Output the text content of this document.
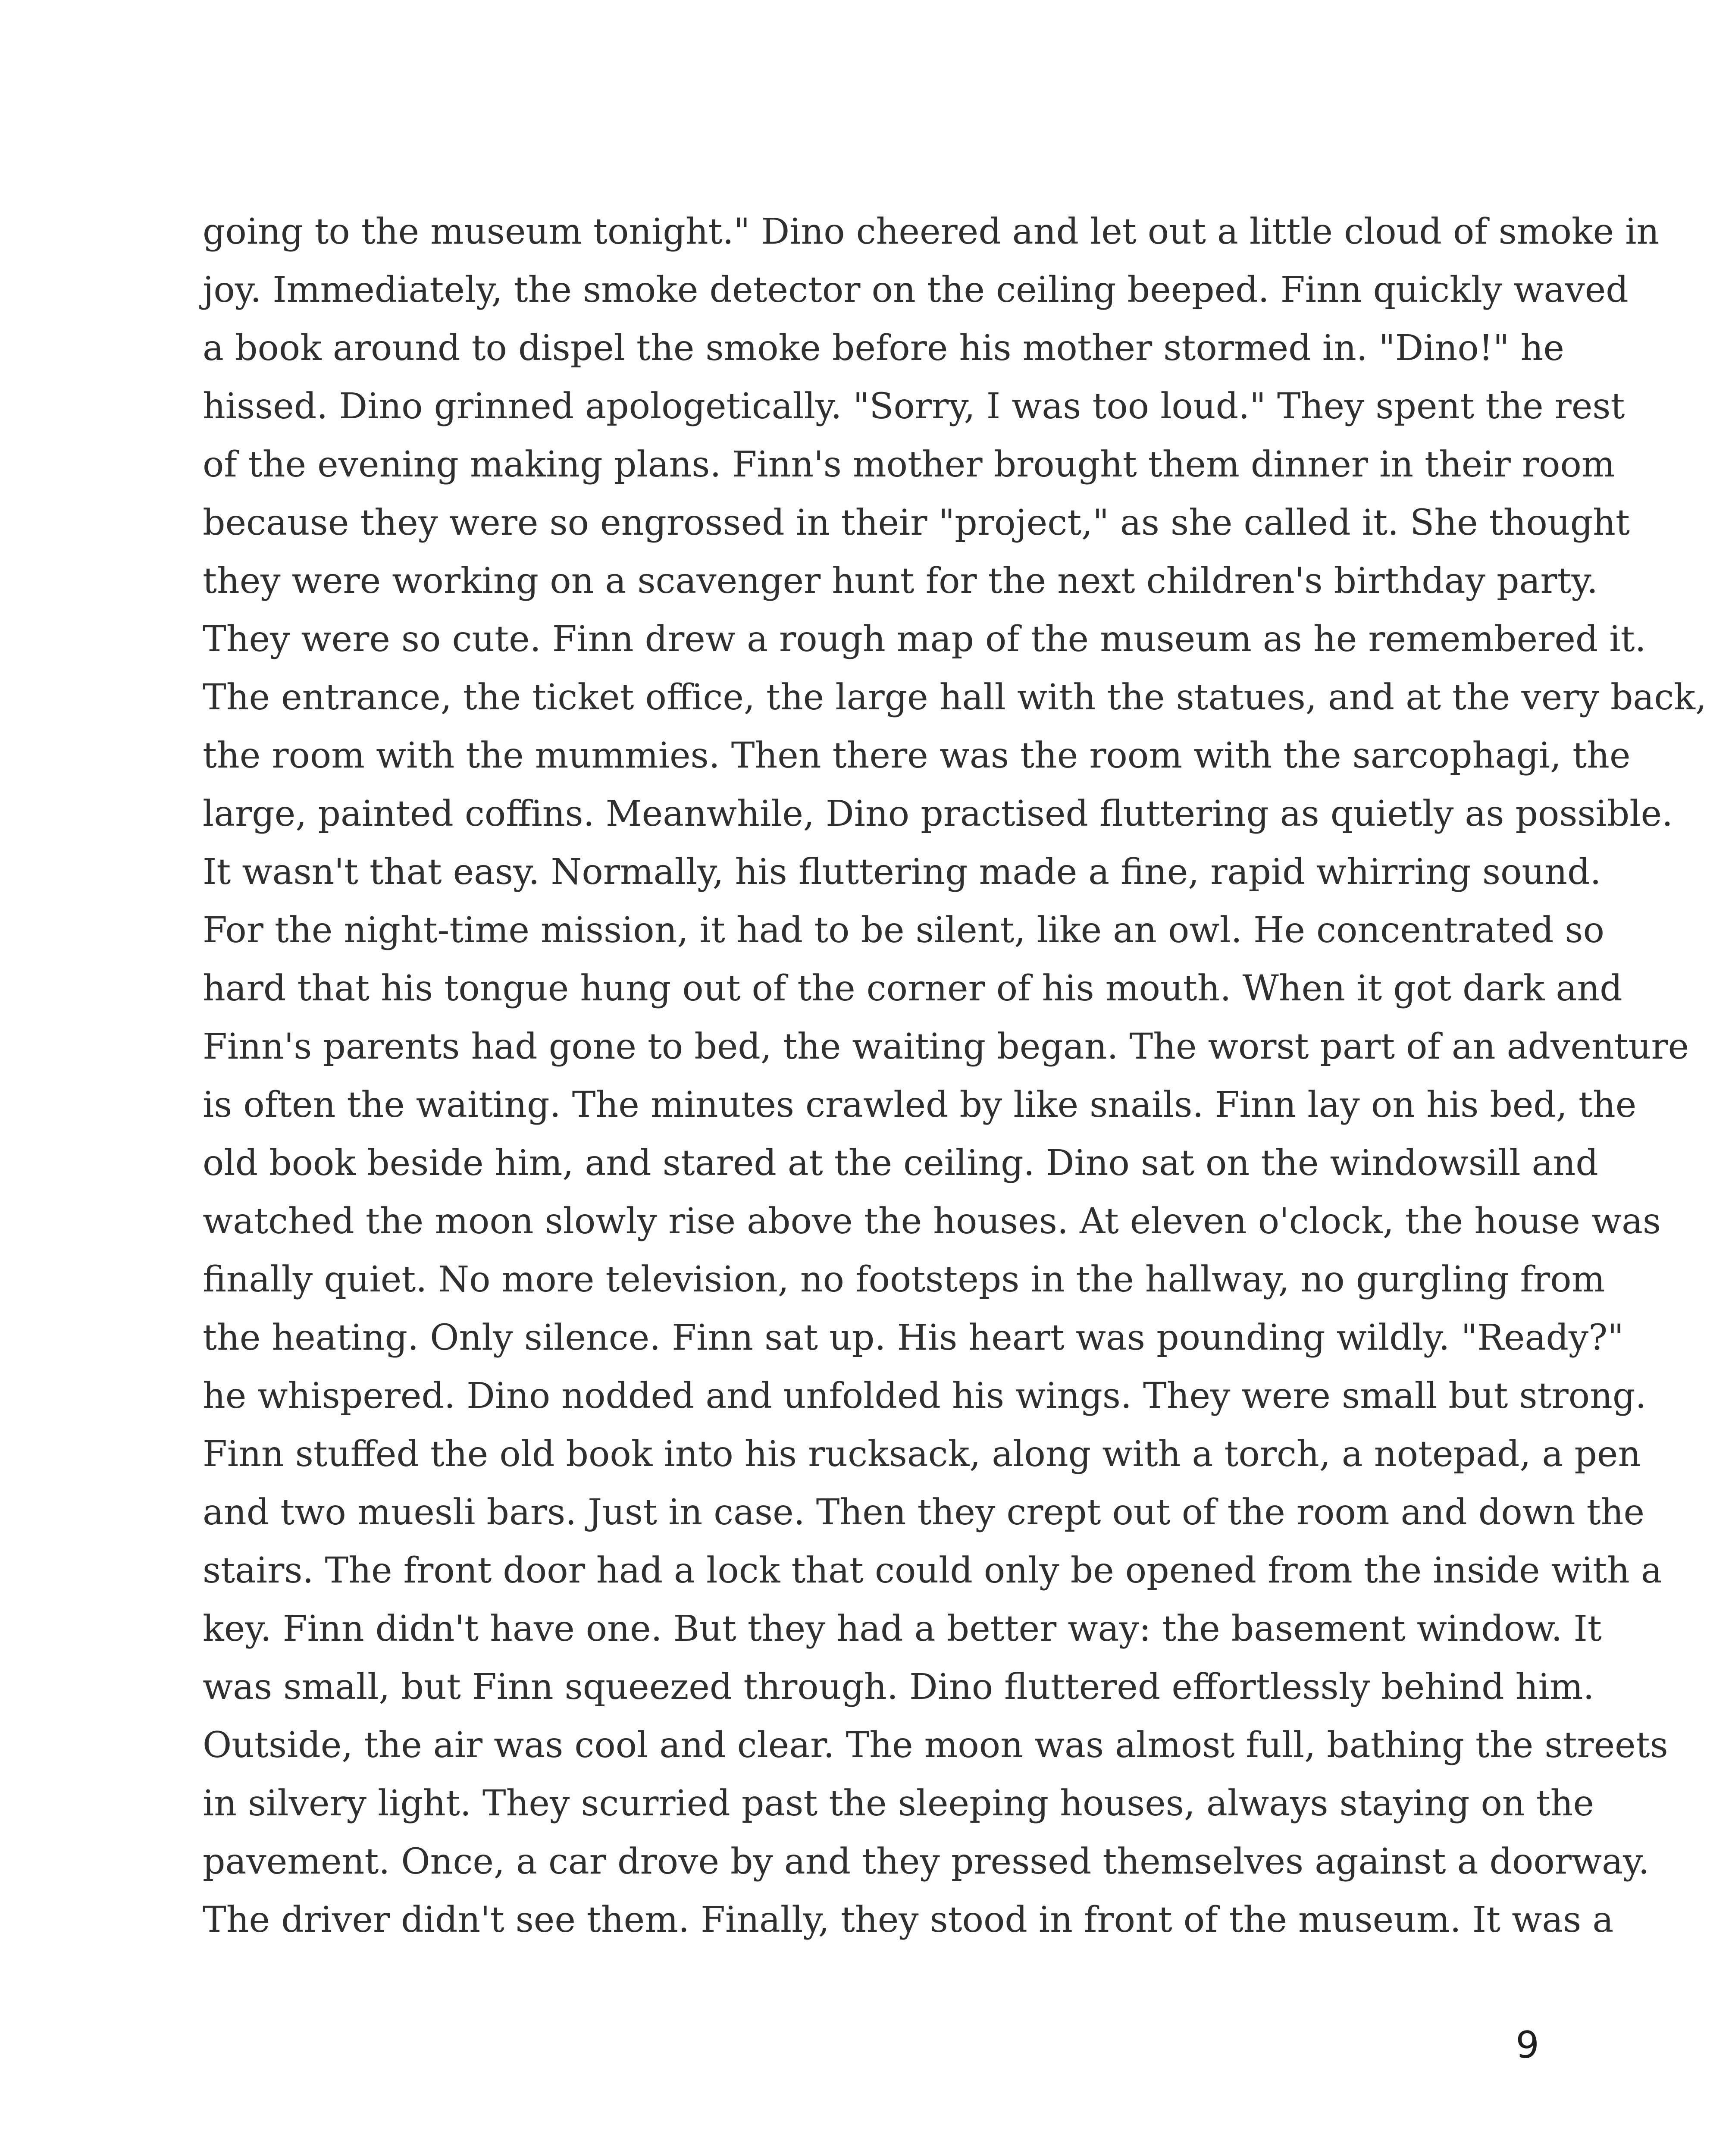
going to the museum tonight." Dino cheered and let out a little cloud of smoke in
joy. Immediately, the smoke detector on the ceiling beeped. Finn quickly waved
a book around to dispel the smoke before his mother stormed in. "Dino!" he
hissed. Dino grinned apologetically. "Sorry, I was too loud." They spent the rest
of the evening making plans. Finn's mother brought them dinner in their room
because they were so engrossed in their "project," as she called it. She thought
they were working on a scavenger hunt for the next children's birthday party.
They were so cute. Finn drew a rough map of the museum as he remembered it.
The entrance, the ticket office, the large hall with the statues, and at the very back,
the room with the mummies. Then there was the room with the sarcophagi, the
large, painted coffins. Meanwhile, Dino practised fluttering as quietly as possible.
It wasn't that easy. Normally, his fluttering made a fine, rapid whirring sound.
For the night-time mission, it had to be silent, like an owl. He concentrated so
hard that his tongue hung out of the corner of his mouth. When it got dark and
Finn's parents had gone to bed, the waiting began. The worst part of an adventure
is often the waiting. The minutes crawled by like snails. Finn lay on his bed, the
old book beside him, and stared at the ceiling. Dino sat on the windowsill and
watched the moon slowly rise above the houses. At eleven o'clock, the house was
finally quiet. No more television, no footsteps in the hallway, no gurgling from
the heating. Only silence. Finn sat up. His heart was pounding wildly. "Ready?"
he whispered. Dino nodded and unfolded his wings. They were small but strong.
Finn stuffed the old book into his rucksack, along with a torch, a notepad, a pen
and two muesli bars. Just in case. Then they crept out of the room and down the
stairs. The front door had a lock that could only be opened from the inside with a
key. Finn didn't have one. But they had a better way: the basement window. It
was small, but Finn squeezed through. Dino fluttered effortlessly behind him.
Outside, the air was cool and clear. The moon was almost full, bathing the streets
in silvery light. They scurried past the sleeping houses, always staying on the
pavement. Once, a car drove by and they pressed themselves against a doorway.
The driver didn't see them. Finally, they stood in front of the museum. It was a
9
